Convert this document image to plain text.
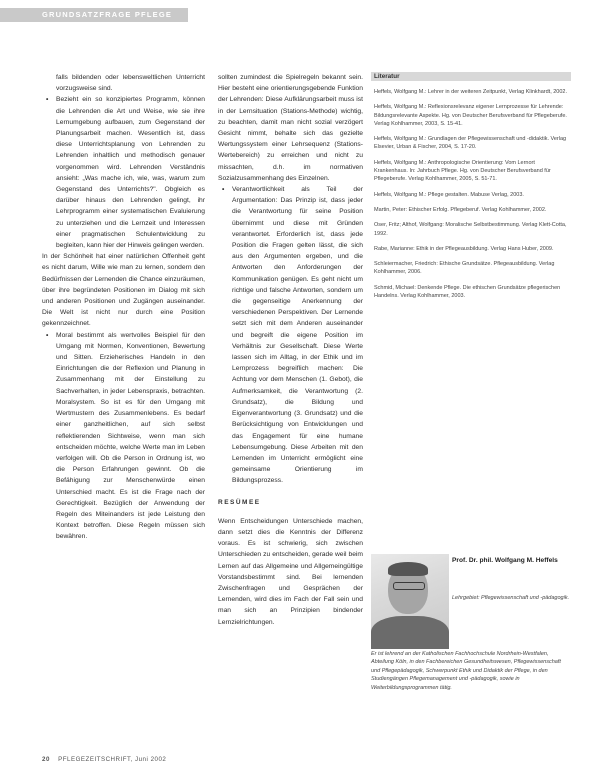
GRUNDSATZFRAGE PFLEGE

falls bildenden oder lebensweltlichen Unterricht vorzugsweise sind.

• Bezieht ein so konzipiertes Programm, können die Lehrenden die Art und Weise, wie sie ihre Lernumgebung aufbauen, zum Gegenstand der Planungsarbeit machen. Wesentlich ist, dass diese Unterrichtsplanung von Lehrenden zu Lehrenden inhaltlich und methodisch genauer vorgenommen wird. Lehrenden Verständnis ansieht: „Was mache ich, wie, was, warum zum Gegenstand des Unterrichts?". Obgleich es darüber hinaus den Lehrenden gelingt, ihr Lehrprogramm einer systematischen Evaluierung zu unterziehen und die Lernzeit und Interessen einer pragmatischen Schulentwicklung zu begleiten, kann hier der Hinweis gelingen werden.

In der Schönheit hat einer natürlichen Offenheit geht es nicht darum, Wille wie man zu lernen, sondern den Bedürfnissen der Lernenden die Chance einzuräumen, über ihre begründeten Positionen im Dialog mit sich und anderen Positionen und Zugängen auseinander. Die Welt ist nicht nur durch eine Position gekennzeichnet.

• Moral bestimmt als wertvolles Beispiel für den Umgang mit Normen, Konventionen, Bewertung und Sitten. Erzieherisches Handeln in den Einrichtungen die der Reflexion und Planung in Zusammenhang mit der Einstellung zu Sachverhalten, in jeder Lebenspraxis, betrachten. Moralsystem. So ist es für den Umgang mit Wertmustern des Zusammenlebens. Es bedarf einer ganzheitlichen, auf sich selbst reflektierenden Sichtweise, wenn man sich entscheiden möchte, welche Werte man im Leben verfolgen will. Ob die Person in Ordnung ist, wo die Person Erfahrungen gewinnt. Ob die Befähigung zur Menschenwürde einen Unterschied macht. Es ist die Frage nach der Gerechtigkeit. Bezüglich der Anwendung der Regeln des Miteinanders ist jede Leistung den Kontext betroffen. Diese Regeln müssen sich bewähren.

sollten zumindest die Spielregeln bekannt sein. Hier besteht eine orientierungsgebende Funktion der Lehrenden: Diese Aufklärungsarbeit muss ist in der Lernsituation (Stations-Methode) wichtig, zu beachten, damit man nicht sozial verzögert Gesicht nimmt, behalte sich das gezielte Wertungssystem einer Lehrsequenz (Stations-Wertebereich) zu erreichen und nicht zu missachten, d.h. im normativen Sozialzusammenhang des Einzelnen.

• Verantwortlichkeit als Teil der Argumentation: Das Prinzip ist, dass jeder die Verantwortung für seine Position übernimmt und diese mit Gründen verantwortet. Erforderlich ist, dass jede Position die Fragen gelten lässt, die sich aus den Argumenten ergeben, und die Antworten den Anforderungen der Kommunikation genügen. Es geht nicht um richtige und falsche Antworten, sondern um die gegenseitige Anerkennung der verschiedenen Perspektiven. Der Lernende setzt sich mit dem Anderen auseinander und begreift die eigene Position im Verhältnis zur Gesellschaft. Diese Werte lassen sich im Alltag, in der Ethik und im Lernprozess begreiflich machen: Die Achtung vor dem Menschen (1. Gebot), die Aufmerksamkeit, die Verantwortung (2. Grundsatz), die Bildung und Eigenverantwortung (3. Grundsatz) und die Berücksichtigung von Entwicklungen und das Engagement für eine humane Lebensumgebung. Diese Arbeiten mit den Lernenden im Unterricht ermöglicht eine gemeinsame Orientierung im Bildungsprozess.
RESÜMEE

Wenn Entscheidungen Unterschiede machen, dann setzt dies die Kenntnis der Differenz voraus. Es ist schwierig, sich zwischen Unterschieden zu entscheiden, gerade weil beim Lernen auf das Allgemeine und Allgemeingültige Vorstandsbestimmt sind. Bei lernenden Zwischenfragen und Gesprächen der Lernenden, wird dies im Fach der Fall sein und man sich an Prinzipien bindender Lernzielrichtungen.

Literatur

Heffels, Wolfgang M.: Lehrer in der weiteren Zeitpunkt, Verlag Klinkhardt, 2002.

Heffels, Wolfgang M.: Reflexionsrelevanz eigener Lernprozesse für Lehrende: Bildungsrelevante Aspekte. Hg. von Deutscher Berufsverband für Pflegeberufe. Verlag Kohlhammer, 2003, S. 15-41.

Heffels, Wolfgang M.: Grundlagen der Pflegewissenschaft und -didaktik. Verlag Elsevier, Urban & Fischer, 2004, S. 17-20.

Heffels, Wolfgang M.: Anthropologische Orientierung: Vom Lernort Krankenhaus. In: Jahrbuch Pflege. Hg. von Deutscher Berufsverband für Pflegeberufe. Verlag Kohlhammer, 2005, S. 51-71.

Heffels, Wolfgang M.: Pflege gestalten. Mabuse Verlag, 2003.

Martin, Peter: Ethischer Erfolg. Pflegeberuf. Verlag Kohlhammer, 2002.

Oser, Fritz; Althof, Wolfgang: Moralische Selbstbestimmung. Verlag Klett-Cotta, 1992.

Rabe, Marianne: Ethik in der Pflegeausbildung. Verlag Hans Huber, 2009.

Schleiermacher, Friedrich: Ethische Grundsätze. Pflegeausbildung. Verlag Kohlhammer, 2006.

Schmid, Michael: Denkende Pflege. Die ethischen Grundsätze pflegerischen Handelns. Verlag Kohlhammer, 2003.

Prof. Dr. phil. Wolfgang M. Heffels
Lehrgebiet: Pflegewissenschaft und -pädagogik.
Er ist lehrend an der Katholischen Fachhochschule Nordrhein-Westfalen, Abteilung Köln, in den Fachbereichen Gesundheitswesen, Pflegewissenschaft und Pflegepädagogik, Schwerpunkt Ethik und Didaktik der Pflege, in den Studiengängen Pflegemanagement und -pädagogik, sowie in Weiterbildungsprogrammen tätig.
20 PFLEGEZEITSCHRIFT, Juni 2002
